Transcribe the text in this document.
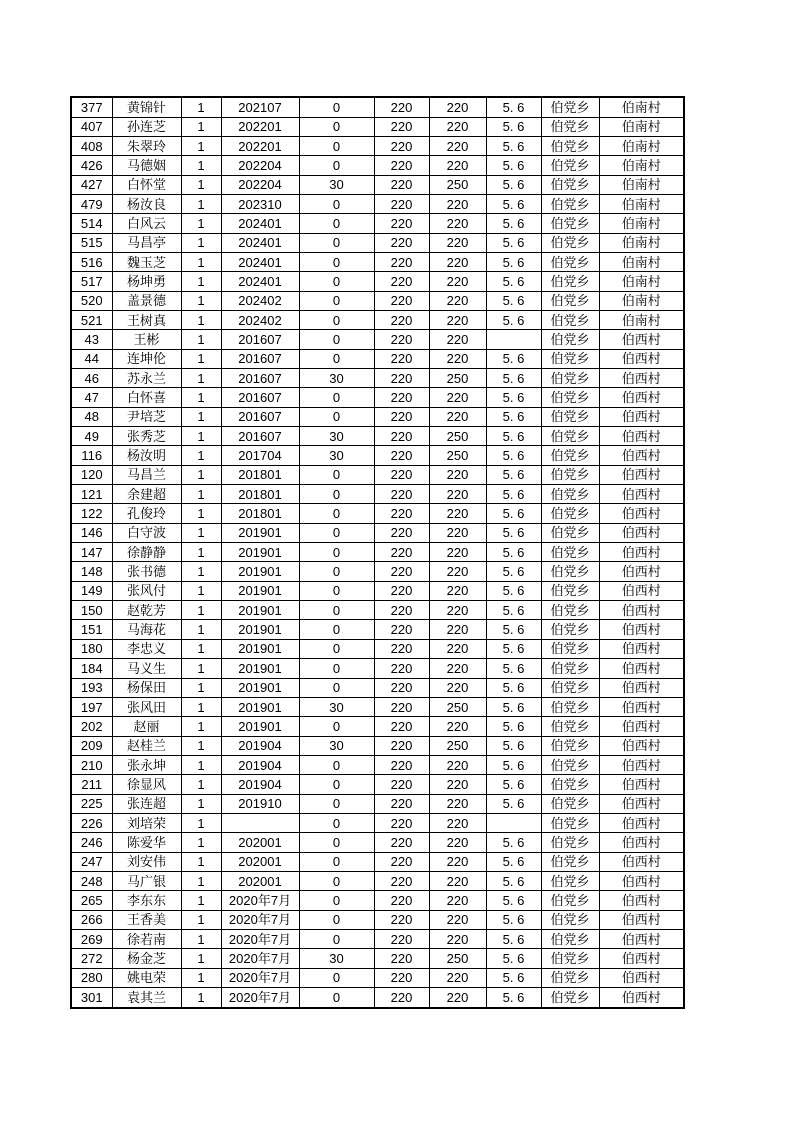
377	黄锦针	1	202107	0	220	220	5. 6	伯党乡	伯南村
407	孙连芝	1	202201	0	220	220	5. 6	伯党乡	伯南村
408	朱翠玲	1	202201	0	220	220	5. 6	伯党乡	伯南村
426	马德姻	1	202204	0	220	220	5. 6	伯党乡	伯南村
427	白怀堂	1	202204	30	220	250	5. 6	伯党乡	伯南村
479	杨汝良	1	202310	0	220	220	5. 6	伯党乡	伯南村
514	白风云	1	202401	0	220	220	5. 6	伯党乡	伯南村
515	马昌亭	1	202401	0	220	220	5. 6	伯党乡	伯南村
516	魏玉芝	1	202401	0	220	220	5. 6	伯党乡	伯南村
517	杨坤勇	1	202401	0	220	220	5. 6	伯党乡	伯南村
520	盖景德	1	202402	0	220	220	5. 6	伯党乡	伯南村
521	王树真	1	202402	0	220	220	5. 6	伯党乡	伯南村
43	王彬	1	201607	0	220	220		伯党乡	伯西村
44	连坤伦	1	201607	0	220	220	5. 6	伯党乡	伯西村
46	苏永兰	1	201607	30	220	250	5. 6	伯党乡	伯西村
47	白怀喜	1	201607	0	220	220	5. 6	伯党乡	伯西村
48	尹培芝	1	201607	0	220	220	5. 6	伯党乡	伯西村
49	张秀芝	1	201607	30	220	250	5. 6	伯党乡	伯西村
116	杨汝明	1	201704	30	220	250	5. 6	伯党乡	伯西村
120	马昌兰	1	201801	0	220	220	5. 6	伯党乡	伯西村
121	余建超	1	201801	0	220	220	5. 6	伯党乡	伯西村
122	孔俊玲	1	201801	0	220	220	5. 6	伯党乡	伯西村
146	白守波	1	201901	0	220	220	5. 6	伯党乡	伯西村
147	徐静静	1	201901	0	220	220	5. 6	伯党乡	伯西村
148	张书德	1	201901	0	220	220	5. 6	伯党乡	伯西村
149	张风付	1	201901	0	220	220	5. 6	伯党乡	伯西村
150	赵乾芳	1	201901	0	220	220	5. 6	伯党乡	伯西村
151	马海花	1	201901	0	220	220	5. 6	伯党乡	伯西村
180	李忠义	1	201901	0	220	220	5. 6	伯党乡	伯西村
184	马义生	1	201901	0	220	220	5. 6	伯党乡	伯西村
193	杨保田	1	201901	0	220	220	5. 6	伯党乡	伯西村
197	张风田	1	201901	30	220	250	5. 6	伯党乡	伯西村
202	赵丽	1	201901	0	220	220	5. 6	伯党乡	伯西村
209	赵桂兰	1	201904	30	220	250	5. 6	伯党乡	伯西村
210	张永坤	1	201904	0	220	220	5. 6	伯党乡	伯西村
211	徐显风	1	201904	0	220	220	5. 6	伯党乡	伯西村
225	张连超	1	201910	0	220	220	5. 6	伯党乡	伯西村
226	刘培荣	1		0	220	220		伯党乡	伯西村
246	陈爱华	1	202001	0	220	220	5. 6	伯党乡	伯西村
247	刘安伟	1	202001	0	220	220	5. 6	伯党乡	伯西村
248	马广银	1	202001	0	220	220	5. 6	伯党乡	伯西村
265	李东东	1	2020年7月	0	220	220	5. 6	伯党乡	伯西村
266	王香美	1	2020年7月	0	220	220	5. 6	伯党乡	伯西村
269	徐若南	1	2020年7月	0	220	220	5. 6	伯党乡	伯西村
272	杨金芝	1	2020年7月	30	220	250	5. 6	伯党乡	伯西村
280	姚电荣	1	2020年7月	0	220	220	5. 6	伯党乡	伯西村
301	袁其兰	1	2020年7月	0	220	220	5. 6	伯党乡	伯西村
